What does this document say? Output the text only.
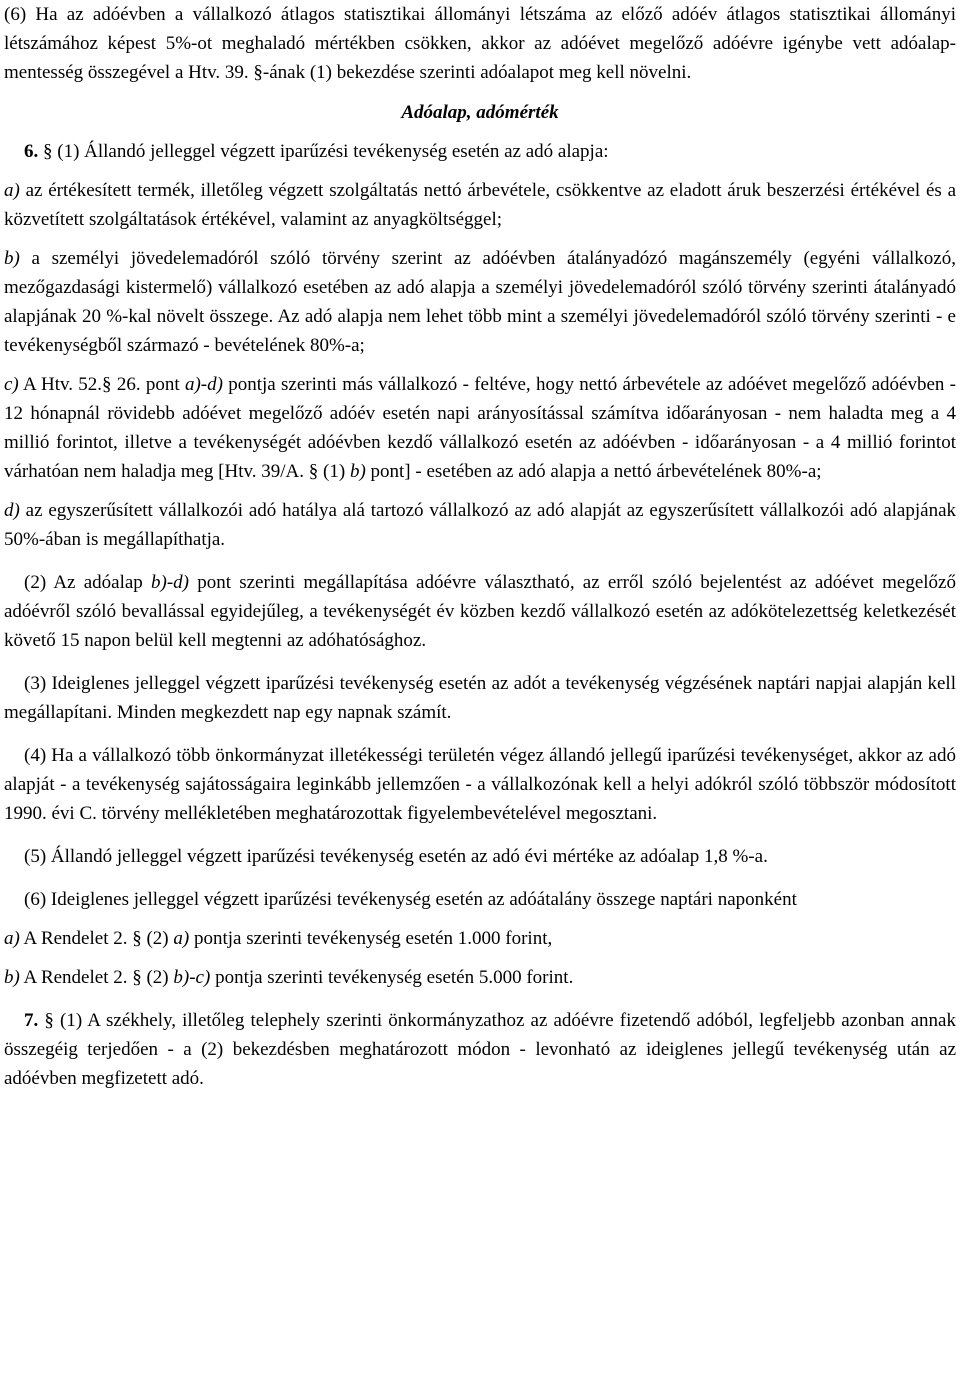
(6) Ha az adóévben a vállalkozó átlagos statisztikai állományi létszáma az előző adóév átlagos statisztikai állományi létszámához képest 5%-ot meghaladó mértékben csökken, akkor az adóévet megelőző adóévre igénybe vett adóalap-mentesség összegével a Htv. 39. §-ának (1) bekezdése szerinti adóalapot meg kell növelni.

Adóalap, adómérték

6. § (1) Állandó jelleggel végzett iparűzési tevékenység esetén az adó alapja:

a) az értékesített termék, illetőleg végzett szolgáltatás nettó árbevétele, csökkentve az eladott áruk beszerzési értékével és a közvetített szolgáltatások értékével, valamint az anyagköltséggel;

b) a személyi jövedelemadóról szóló törvény szerint az adóévben átalányadózó magánszemély (egyéni vállalkozó, mezőgazdasági kistermelő) vállalkozó esetében az adó alapja a személyi jövedelemadóról szóló törvény szerinti átalányadó alapjának 20 %-kal növelt összege. Az adó alapja nem lehet több mint a személyi jövedelemadóról szóló törvény szerinti - e tevékenységből származó - bevételének 80%-a;

c) A Htv. 52.§ 26. pont a)-d) pontja szerinti más vállalkozó - feltéve, hogy nettó árbevétele az adóévet megelőző adóévben - 12 hónapnál rövidebb adóévet megelőző adóév esetén napi arányosítással számítva időarányosan - nem haladta meg a 4 millió forintot, illetve a tevékenységét adóévben kezdő vállalkozó esetén az adóévben - időarányosan - a 4 millió forintot várhatóan nem haladja meg [Htv. 39/A. § (1) b) pont] - esetében az adó alapja a nettó árbevételének 80%-a;

d) az egyszerűsített vállalkozói adó hatálya alá tartozó vállalkozó az adó alapját az egyszerűsített vállalkozói adó alapjának 50%-ában is megállapíthatja.

(2) Az adóalap b)-d) pont szerinti megállapítása adóévre választható, az erről szóló bejelentést az adóévet megelőző adóévről szóló bevallással egyidejűleg, a tevékenységét év közben kezdő vállalkozó esetén az adókötelezettség keletkezését követő 15 napon belül kell megtenni az adóhatósághoz.

(3) Ideiglenes jelleggel végzett iparűzési tevékenység esetén az adót a tevékenység végzésének naptári napjai alapján kell megállapítani. Minden megkezdett nap egy napnak számít.

(4) Ha a vállalkozó több önkormányzat illetékességi területén végez állandó jellegű iparűzési tevékenységet, akkor az adó alapját - a tevékenység sajátosságaira leginkább jellemzően - a vállalkozónak kell a helyi adókról szóló többször módosított 1990. évi C. törvény mellékletében meghatározottak figyelembevételével megosztani.

(5) Állandó jelleggel végzett iparűzési tevékenység esetén az adó évi mértéke az adóalap 1,8 %-a.

(6) Ideiglenes jelleggel végzett iparűzési tevékenység esetén az adóátalány összege naptári naponként

a) A Rendelet 2. § (2) a) pontja szerinti tevékenység esetén 1.000 forint,

b) A Rendelet 2. § (2) b)-c) pontja szerinti tevékenység esetén 5.000 forint.

7. § (1) A székhely, illetőleg telephely szerinti önkormányzathoz az adóévre fizetendő adóból, legfeljebb azonban annak összegéig terjedően - a (2) bekezdésben meghatározott módon - levonható az ideiglenes jellegű tevékenység után az adóévben megfizetett adó.
